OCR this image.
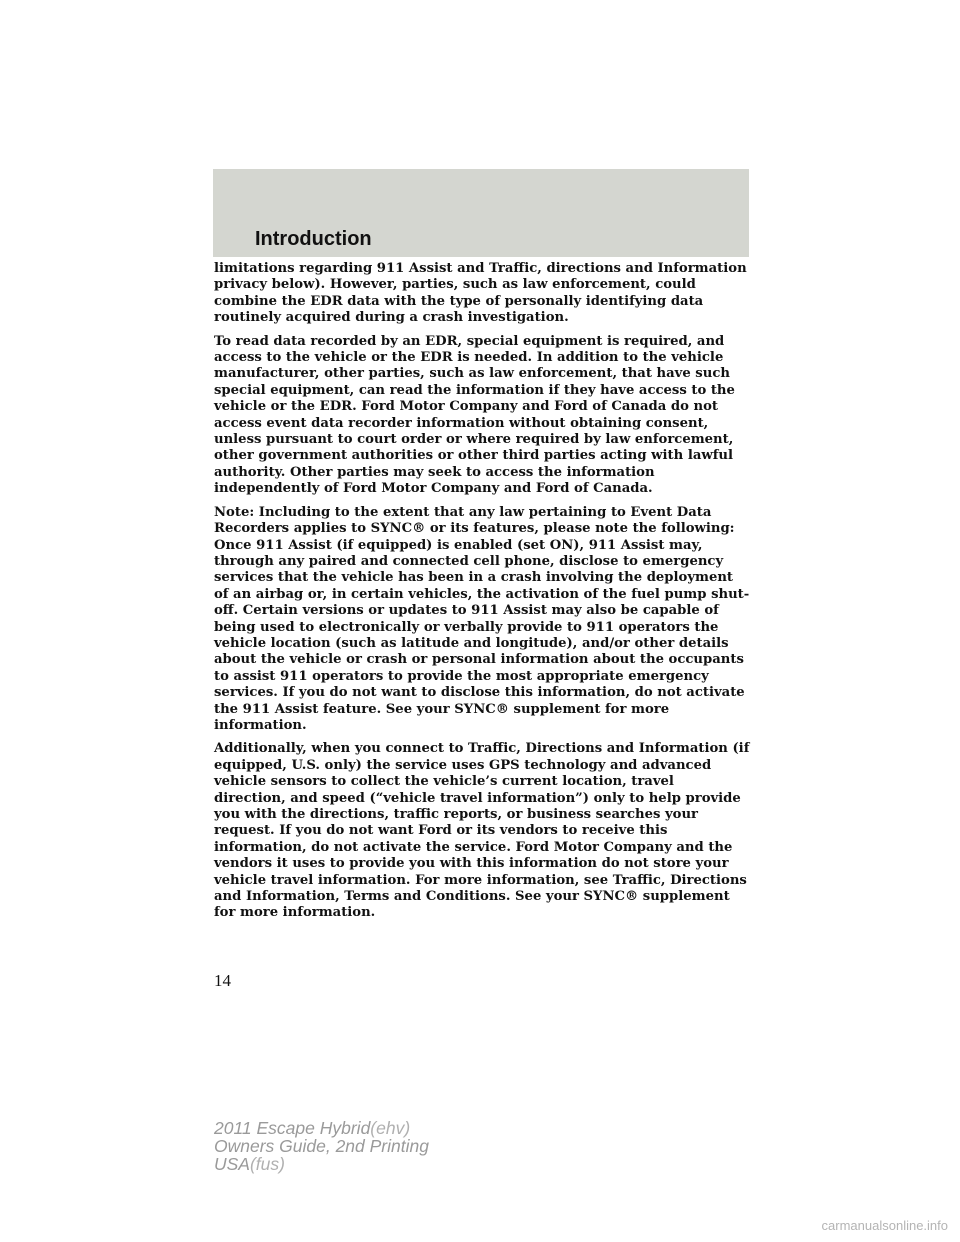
Introduction

limitations regarding 911 Assist and Traffic, directions and Information privacy below). However, parties, such as law enforcement, could combine the EDR data with the type of personally identifying data routinely acquired during a crash investigation.

To read data recorded by an EDR, special equipment is required, and access to the vehicle or the EDR is needed. In addition to the vehicle manufacturer, other parties, such as law enforcement, that have such special equipment, can read the information if they have access to the vehicle or the EDR. Ford Motor Company and Ford of Canada do not access event data recorder information without obtaining consent, unless pursuant to court order or where required by law enforcement, other government authorities or other third parties acting with lawful authority. Other parties may seek to access the information independently of Ford Motor Company and Ford of Canada.

Note: Including to the extent that any law pertaining to Event Data Recorders applies to SYNC® or its features, please note the following: Once 911 Assist (if equipped) is enabled (set ON), 911 Assist may, through any paired and connected cell phone, disclose to emergency services that the vehicle has been in a crash involving the deployment of an airbag or, in certain vehicles, the activation of the fuel pump shut-off. Certain versions or updates to 911 Assist may also be capable of being used to electronically or verbally provide to 911 operators the vehicle location (such as latitude and longitude), and/or other details about the vehicle or crash or personal information about the occupants to assist 911 operators to provide the most appropriate emergency services. If you do not want to disclose this information, do not activate the 911 Assist feature. See your SYNC® supplement for more information.

Additionally, when you connect to Traffic, Directions and Information (if equipped, U.S. only) the service uses GPS technology and advanced vehicle sensors to collect the vehicle’s current location, travel direction, and speed (“vehicle travel information”) only to help provide you with the directions, traffic reports, or business searches your request. If you do not want Ford or its vendors to receive this information, do not activate the service. Ford Motor Company and the vendors it uses to provide you with this information do not store your vehicle travel information. For more information, see Traffic, Directions and Information, Terms and Conditions. See your SYNC® supplement for more information.

14
2011 Escape Hybrid(ehv)
Owners Guide, 2nd Printing
USA(fus)
carmanualsonline.info
